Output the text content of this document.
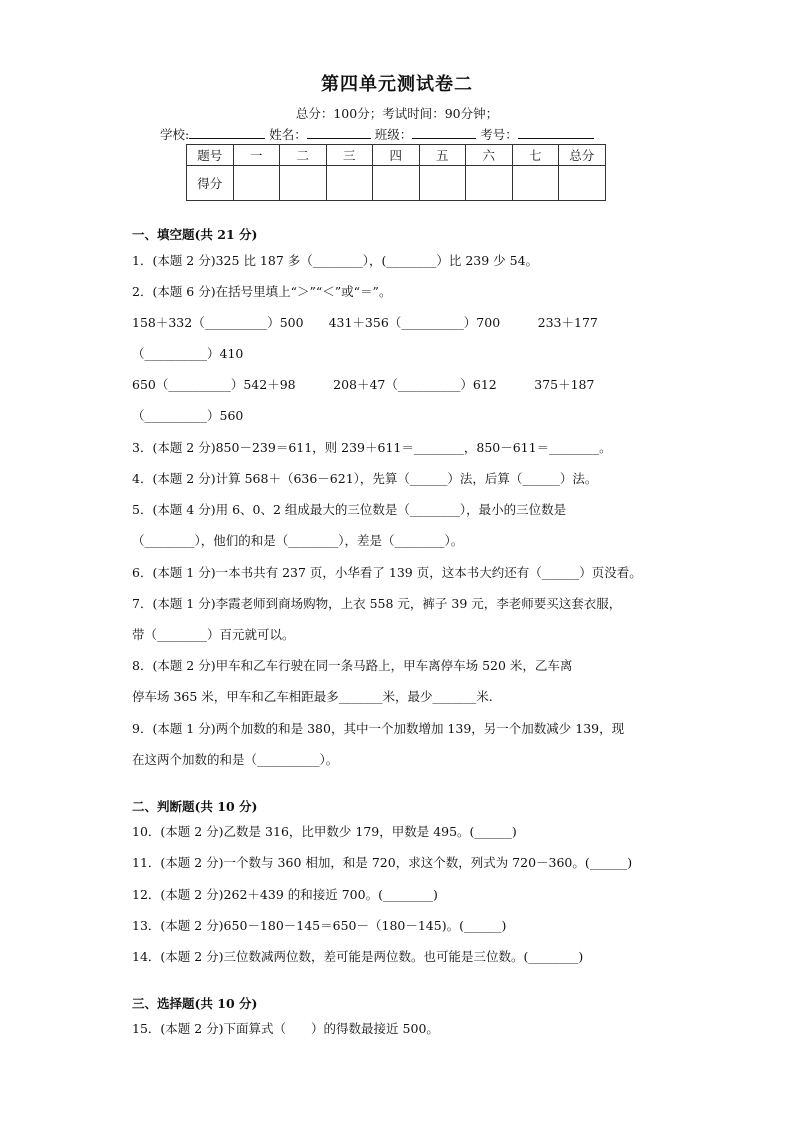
第四单元测试卷二
总分：100分；考试时间：90分钟；
学校:	姓名：	班级：	考号：
题号	一	二	三	四	五	六	七	总分
得分								
一、填空题(共 21 分)
1．(本题 2 分)325 比 187 多（________），(________）比 239 少 54。
2．(本题 6 分)在括号里填上“＞”“＜”或“＝”。
158＋332（__________）500　　431＋356（__________）700　　　233＋177
（__________）410
650（__________）542＋98　　　208＋47（__________）612　　　375＋187
（__________）560
3．(本题 2 分)850－239＝611，则 239＋611＝________，850－611＝________。
4．(本题 2 分)计算 568＋（636－621），先算（______）法，后算（______）法。
5．(本题 4 分)用 6、0、2 组成最大的三位数是（________），最小的三位数是
（________），他们的和是（________），差是（________）。
6．(本题 1 分)一本书共有 237 页，小华看了 139 页，这本书大约还有（______）页没看。
7．(本题 1 分)李霞老师到商场购物，上衣 558 元，裤子 39 元，李老师要买这套衣服，
带（________）百元就可以。
8．(本题 2 分)甲车和乙车行驶在同一条马路上，甲车离停车场 520 米，乙车离
停车场 365 米，甲车和乙车相距最多_______米，最少_______米.
9．(本题 1 分)两个加数的和是 380，其中一个加数增加 139，另一个加数减少 139，现
在这两个加数的和是（__________）。
二、判断题(共 10 分)
10．(本题 2 分)乙数是 316，比甲数少 179，甲数是 495。(______)
11．(本题 2 分)一个数与 360 相加，和是 720，求这个数，列式为 720－360。(______)
12．(本题 2 分)262＋439 的和接近 700。(________)
13．(本题 2 分)650－180－145＝650－（180－145)。(______)
14．(本题 2 分)三位数减两位数，差可能是两位数。也可能是三位数。(________)
三、选择题(共 10 分)
15．(本题 2 分)下面算式（　　）的得数最接近 500。
